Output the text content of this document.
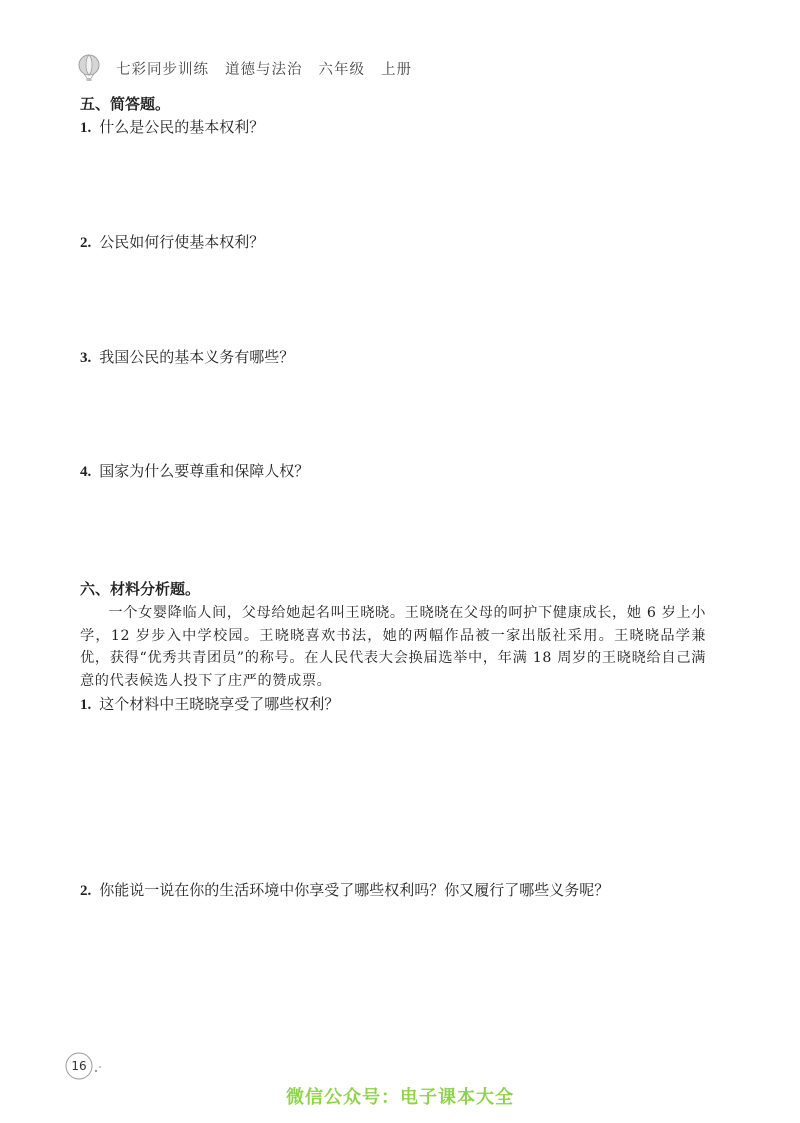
七彩同步训练 道德与法治 六年级 上册
五、简答题。
1. 什么是公民的基本权利？
2. 公民如何行使基本权利？
3. 我国公民的基本义务有哪些？
4. 国家为什么要尊重和保障人权？
六、材料分析题。
一个女婴降临人间，父母给她起名叫王晓晓。王晓晓在父母的呵护下健康成长，她 6 岁上小学，12 岁步入中学校园。王晓晓喜欢书法，她的两幅作品被一家出版社采用。王晓晓品学兼优，获得“优秀共青团员”的称号。在人民代表大会换届选举中，年满 18 周岁的王晓晓给自己满意的代表候选人投下了庄严的赞成票。
1. 这个材料中王晓晓享受了哪些权利？
2. 你能说一说在你的生活环境中你享受了哪些权利吗？你又履行了哪些义务呢？
16
微信公众号：电子课本大全
